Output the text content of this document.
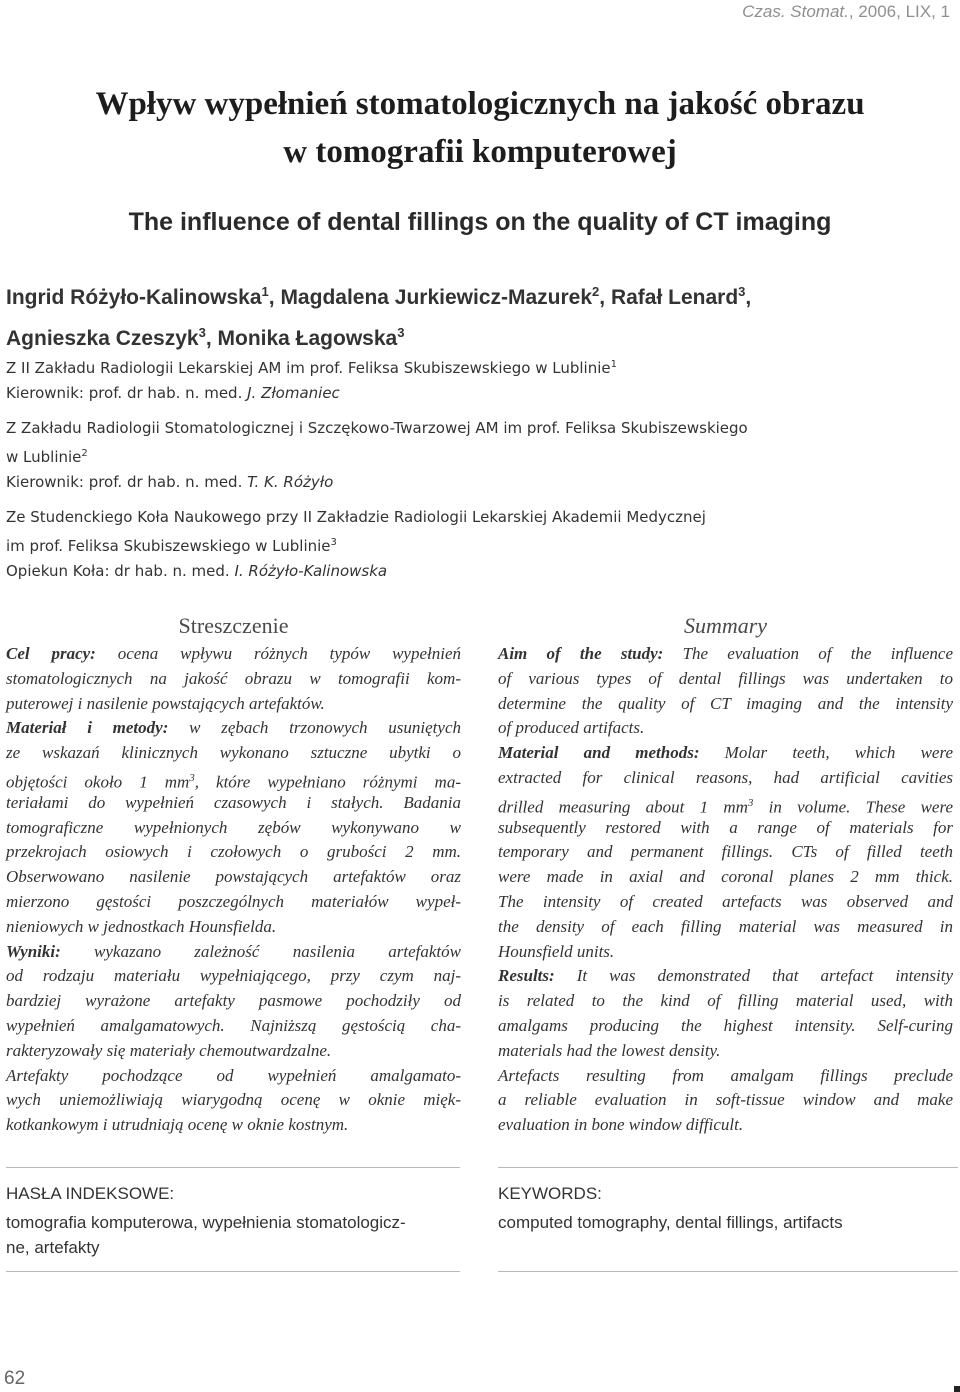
Czas. Stomat., 2006, LIX, 1
Wpływ wypełnień stomatologicznych na jakość obrazu
w tomografii komputerowej
The influence of dental fillings on the quality of CT imaging
Ingrid Różyło-Kalinowska$^1$, Magdalena Jurkiewicz-Mazurek$^2$, Rafał Lenard$^3$,
Agnieszka Czeszyk$^3$, Monika Łagowska$^3$
Z II Zakładu Radiologii Lekarskiej AM im prof. Feliksa Skubiszewskiego w Lublinie$^1$
Kierownik: prof. dr hab. n. med. J. Złomaniec
Z Zakładu Radiologii Stomatologicznej i Szczękowo-Twarzowej AM im prof. Feliksa Skubiszewskiego
w Lublinie$^2$
Kierownik: prof. dr hab. n. med. T. K. Różyło
Ze Studenckiego Koła Naukowego przy II Zakładzie Radiologii Lekarskiej Akademii Medycznej
im prof. Feliksa Skubiszewskiego w Lublinie$^3$
Opiekun Koła: dr hab. n. med. I. Różyło-Kalinowska
Streszczenie
Cel pracy: ocena wpływu różnych typów wypełnień
stomatologicznych na jakość obrazu w tomografii kom-
puterowej i nasilenie powstających artefaktów.
Materiał i metody: w zębach trzonowych usuniętych
ze wskazań klinicznych wykonano sztuczne ubytki o
objętości około 1 $mm^3$, które wypełniano różnymi ma-
teriałami do wypełnień czasowych i stałych. Badania
tomograficzne wypełnionych zębów wykonywano w
przekrojach osiowych i czołowych o grubości 2 mm.
Obserwowano nasilenie powstających artefaktów oraz
mierzono gęstości poszczególnych materiałów wypeł-
nieniowych w jednostkach Hounsfielda.
Wyniki: wykazano zależność nasilenia artefaktów
od rodzaju materiału wypełniającego, przy czym naj-
bardziej wyrażone artefakty pasmowe pochodziły od
wypełnień amalgamatowych. Najniższą gęstością cha-
rakteryzowały się materiały chemoutwardzalne.
Artefakty pochodzące od wypełnień amalgamato-
wych uniemożliwiają wiarygodną ocenę w oknie mięk-
kotkankowym i utrudniają ocenę w oknie kostnym.
Summary
Aim of the study: The evaluation of the influence
of various types of dental fillings was undertaken to
determine the quality of CT imaging and the intensity
of produced artifacts.
Material and methods: Molar teeth, which were
extracted for clinical reasons, had artificial cavities
drilled measuring about 1 $mm^3$ in volume. These were
subsequently restored with a range of materials for
temporary and permanent fillings. CTs of filled teeth
were made in axial and coronal planes 2 mm thick.
The intensity of created artefacts was observed and
the density of each filling material was measured in
Hounsfield units.
Results: It was demonstrated that artefact intensity
is related to the kind of filling material used, with
amalgams producing the highest intensity. Self-curing
materials had the lowest density.
Artefacts resulting from amalgam fillings preclude
a reliable evaluation in soft-tissue window and make
evaluation in bone window difficult.
HASŁA INDEKSOWE:
tomografia komputerowa, wypełnienia stomatologicz-
ne, artefakty
KEYWORDS:
computed tomography, dental fillings, artifacts
62
